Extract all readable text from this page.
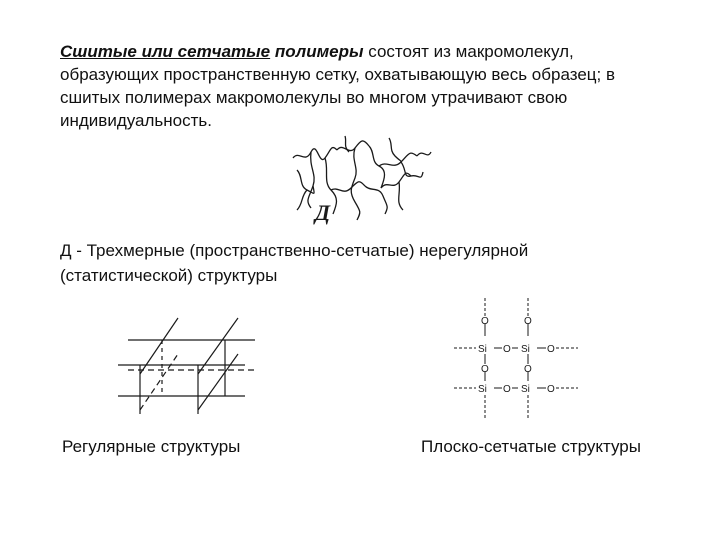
Сшитые или сетчатые полимеры состоят из макромолекул, образующих пространственную сетку, охватывающую весь образец; в сшитых полимерах макромолекулы во многом утрачивают свою индивидуальность.

Д

Д - Трехмерные (пространственно-сетчатые) нерегулярной (статистической) структуры

O	O
Si O Si O
O	O
Si O Si O
Регулярные структуры	Плоско-сетчатые структуры
